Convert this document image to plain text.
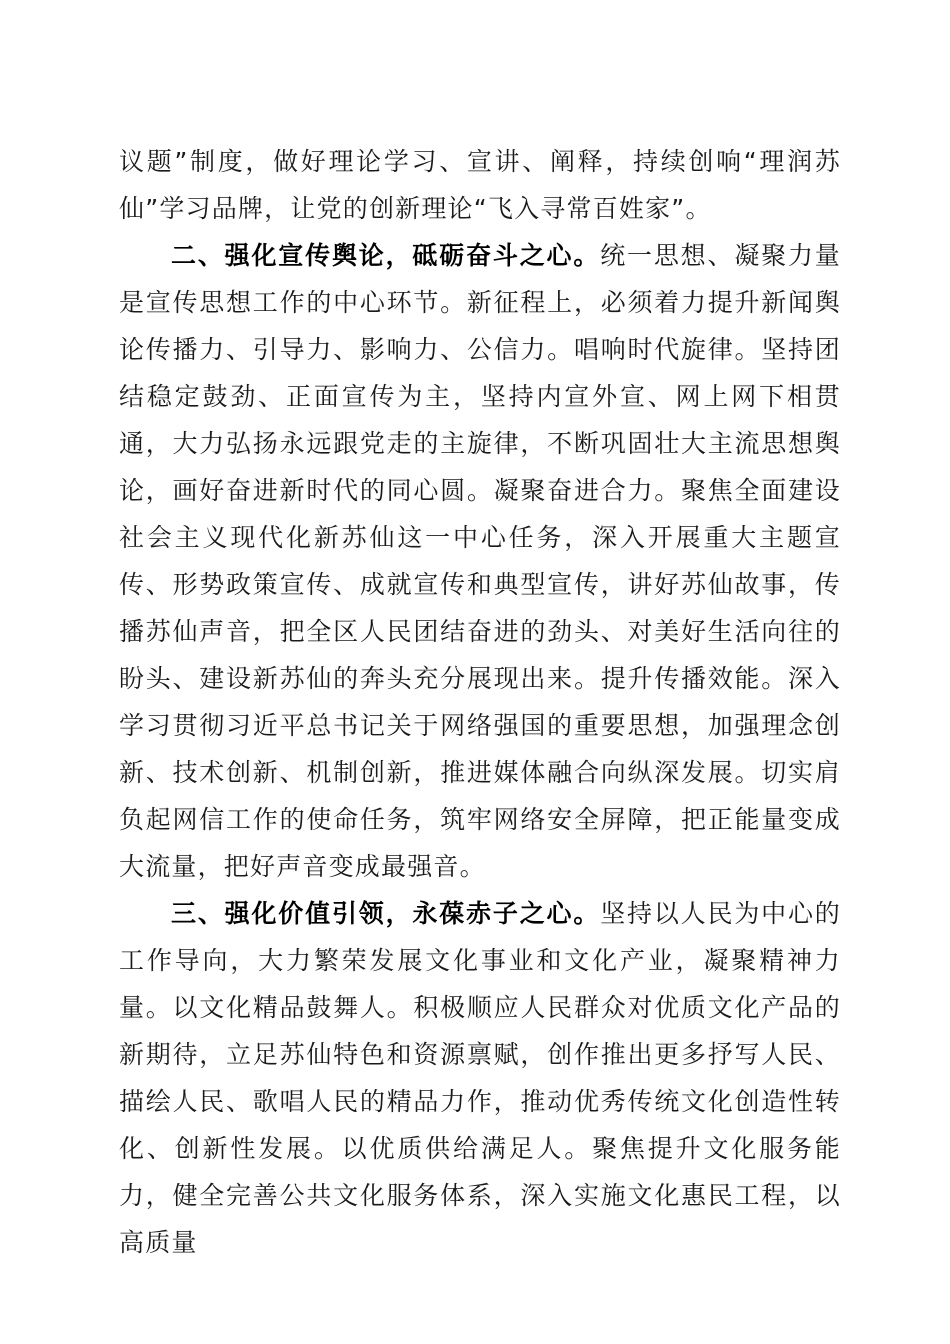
议题”制度，做好理论学习、宣讲、阐释，持续创响“理润苏仙”学习品牌，让党的创新理论“飞入寻常百姓家”。

二、强化宣传舆论，砥砺奋斗之心。统一思想、凝聚力量是宣传思想工作的中心环节。新征程上，必须着力提升新闻舆论传播力、引导力、影响力、公信力。唱响时代旋律。坚持团结稳定鼓劲、正面宣传为主，坚持内宣外宣、网上网下相贯通，大力弘扬永远跟党走的主旋律，不断巩固壮大主流思想舆论，画好奋进新时代的同心圆。凝聚奋进合力。聚焦全面建设社会主义现代化新苏仙这一中心任务，深入开展重大主题宣传、形势政策宣传、成就宣传和典型宣传，讲好苏仙故事，传播苏仙声音，把全区人民团结奋进的劲头、对美好生活向往的盼头、建设新苏仙的奔头充分展现出来。提升传播效能。深入学习贯彻习近平总书记关于网络强国的重要思想，加强理念创新、技术创新、机制创新，推进媒体融合向纵深发展。切实肩负起网信工作的使命任务，筑牢网络安全屏障，把正能量变成大流量，把好声音变成最强音。

三、强化价值引领，永葆赤子之心。坚持以人民为中心的工作导向，大力繁荣发展文化事业和文化产业，凝聚精神力量。以文化精品鼓舞人。积极顺应人民群众对优质文化产品的新期待，立足苏仙特色和资源禀赋，创作推出更多抒写人民、描绘人民、歌唱人民的精品力作，推动优秀传统文化创造性转化、创新性发展。以优质供给满足人。聚焦提升文化服务能力，健全完善公共文化服务体系，深入实施文化惠民工程，以高质量
